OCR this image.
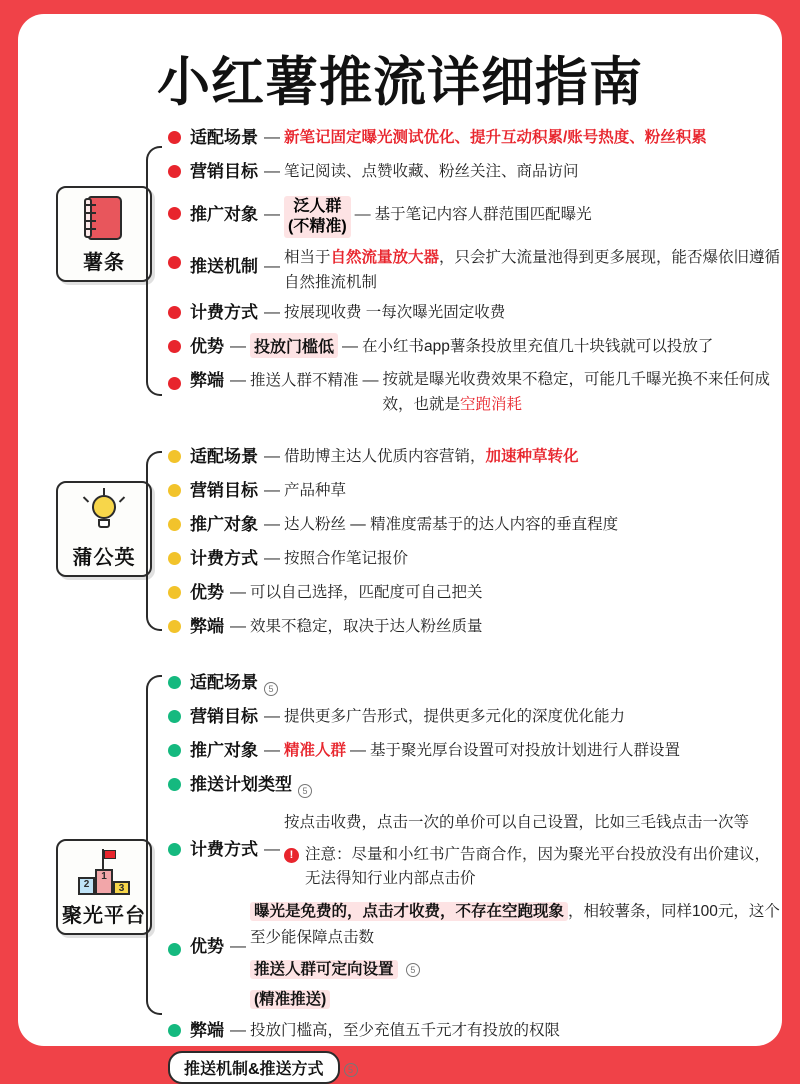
小红薯推流详细指南
薯条
适配场景 — 新笔记固定曝光测试优化、提升互动积累/账号热度、粉丝积累
营销目标 — 笔记阅读、点赞收藏、粉丝关注、商品访问
推广对象 — 泛人群
(不精准)
— 基于笔记内容人群范围匹配曝光
推送机制 —
相当于自然流量放大器，只会扩大流量池得到更多展现，能否爆依旧遵循自然推流机制
计费方式 — 按展现收费 一每次曝光固定收费
优势 — 投放门槛低 — 在小红书app薯条投放里充值几十块钱就可以投放了
弊端 — 推送人群不精准 — 按就是曝光收费效果不稳定，可能几千曝光换不来任何成效，也就是空跑消耗
蒲公英
适配场景 — 借助博主达人优质内容营销，加速种草转化
营销目标 — 产品种草
推广对象 — 达人粉丝 — 精准度需基于的达人内容的垂直程度
计费方式 — 按照合作笔记报价
优势 — 可以自己选择，匹配度可自己把关
弊端 — 效果不稳定，取决于达人粉丝质量
2
1
3
聚光平台
适配场景	5
营销目标 — 提供更多广告形式，提供更多元化的深度优化能力
推广对象 — 精准人群 — 基于聚光厚台设置可对投放计划进行人群设置
推送计划类型	5
计费方式 —
按点击收费，点击一次的单价可以自己设置，比如三毛钱点击一次等
! 注意：尽量和小红书广告商合作，因为聚光平台投放没有出价建议，无法得知行业内部点击价
优势 —
曝光是免费的，点击才收费，不存在空跑现象 ，相较薯条，同样100元，这个至少能保障点击数
推送人群可定向设置 5
(精准推送)
弊端 — 投放门槛高，至少充值五千元才有投放的权限
推送机制&推送方式	5
